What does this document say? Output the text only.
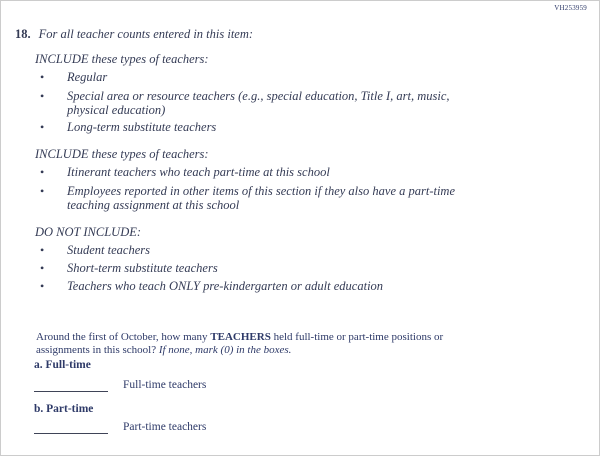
VH253959
18. For all teacher counts entered in this item:
INCLUDE these types of teachers:
•	Regular
•	Special area or resource teachers (e.g., special education, Title I, art, music,
physical education)
•	Long-term substitute teachers
INCLUDE these types of teachers:
•	Itinerant teachers who teach part-time at this school
•	Employees reported in other items of this section if they also have a part-time
teaching assignment at this school
DO NOT INCLUDE:
•	Student teachers
•	Short-term substitute teachers
•	Teachers who teach ONLY pre-kindergarten or adult education
Around the first of October, how many TEACHERS held full-time or part-time positions or
assignments in this school? If none, mark (0) in the boxes.
a. Full-time
Full-time teachers
b. Part-time
Part-time teachers
